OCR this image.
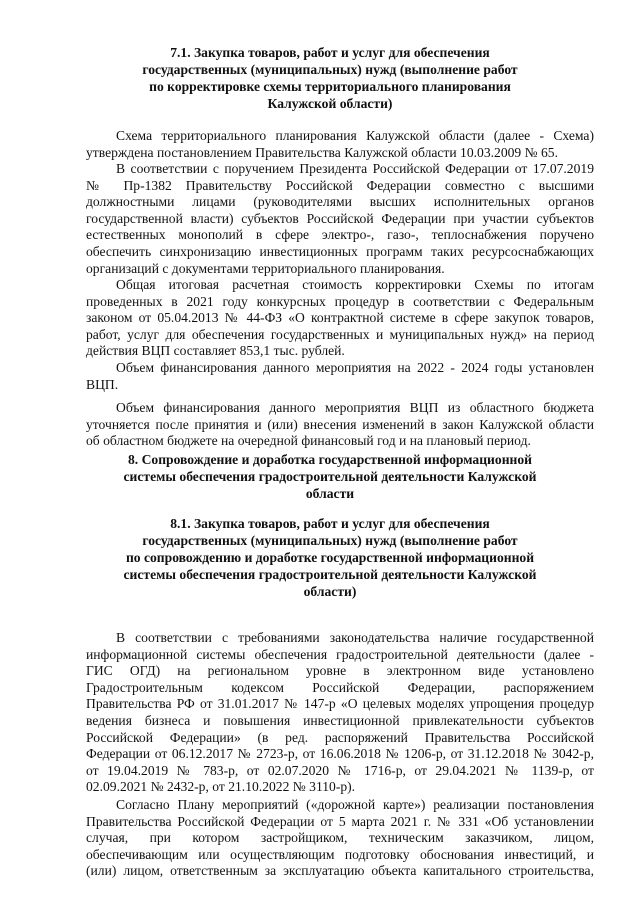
7.1. Закупка товаров, работ и услуг для обеспечения
государственных (муниципальных) нужд (выполнение работ
по корректировке схемы территориального планирования
Калужской области)
Схема территориального планирования Калужской области (далее - Схема)
утверждена постановлением Правительства Калужской области 10.03.2009 № 65.
В соответствии с поручением Президента Российской Федерации от 17.07.2019
№ Пр-1382 Правительству Российской Федерации совместно с высшими
должностными лицами (руководителями высших исполнительных органов
государственной власти) субъектов Российской Федерации при участии субъектов
естественных монополий в сфере электро-, газо-, теплоснабжения поручено
обеспечить синхронизацию инвестиционных программ таких ресурсоснабжающих
организаций с документами территориального планирования.
Общая итоговая расчетная стоимость корректировки Схемы по итогам
проведенных в 2021 году конкурсных процедур в соответствии с Федеральным
законом от 05.04.2013 № 44-ФЗ «О контрактной системе в сфере закупок товаров,
работ, услуг для обеспечения государственных и муниципальных нужд» на период
действия ВЦП составляет 853,1 тыс. рублей.
Объем финансирования данного мероприятия на 2022 - 2024 годы установлен
ВЦП.
Объем финансирования данного мероприятия ВЦП из областного бюджета
уточняется после принятия и (или) внесения изменений в закон Калужской области
об областном бюджете на очередной финансовый год и на плановый период.
8. Сопровождение и доработка государственной информационной
системы обеспечения градостроительной деятельности Калужской
области
8.1. Закупка товаров, работ и услуг для обеспечения
государственных (муниципальных) нужд (выполнение работ
по сопровождению и доработке государственной информационной
системы обеспечения градостроительной деятельности Калужской
области)
В соответствии с требованиями законодательства наличие государственной
информационной системы обеспечения градостроительной деятельности (далее -
ГИС ОГД) на региональном уровне в электронном виде установлено
Градостроительным кодексом Российской Федерации, распоряжением
Правительства РФ от 31.01.2017 № 147-р «О целевых моделях упрощения процедур
ведения бизнеса и повышения инвестиционной привлекательности субъектов
Российской Федерации» (в ред. распоряжений Правительства Российской
Федерации от 06.12.2017 № 2723-р, от 16.06.2018 № 1206-р, от 31.12.2018 № 3042-р,
от 19.04.2019 № 783-р, от 02.07.2020 № 1716-р, от 29.04.2021 № 1139-р, от
02.09.2021 № 2432-р, от 21.10.2022 № 3110-р).
Согласно Плану мероприятий («дорожной карте») реализации постановления
Правительства Российской Федерации от 5 марта 2021 г. № 331 «Об установлении
случая, при котором застройщиком, техническим заказчиком, лицом,
обеспечивающим или осуществляющим подготовку обоснования инвестиций, и
(или) лицом, ответственным за эксплуатацию объекта капитального строительства,
